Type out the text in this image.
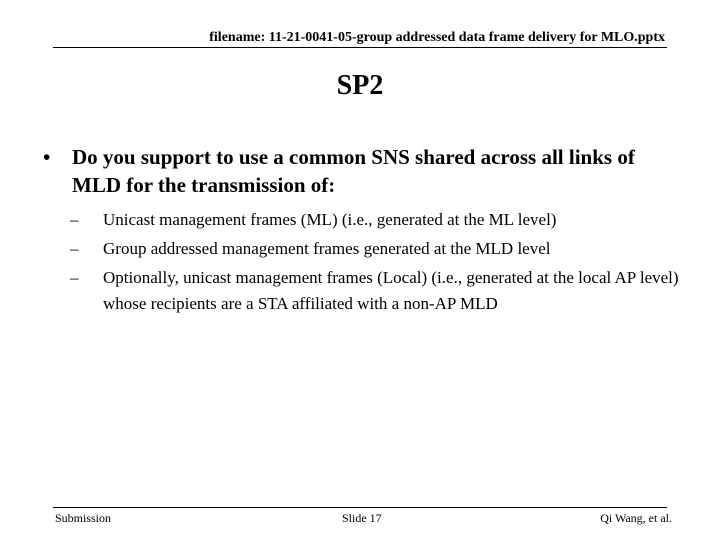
filename: 11-21-0041-05-group addressed data frame delivery for MLO.pptx
SP2
•	Do you support to use a common SNS shared across all links of MLD for the transmission of:
–	Unicast management frames (ML) (i.e., generated at the ML level)
–	Group addressed management frames generated at the MLD level
–	Optionally, unicast management frames (Local) (i.e., generated at the local AP level) whose recipients are a STA affiliated with a non-AP MLD
Submission	Slide 17	Qi Wang, et al.
